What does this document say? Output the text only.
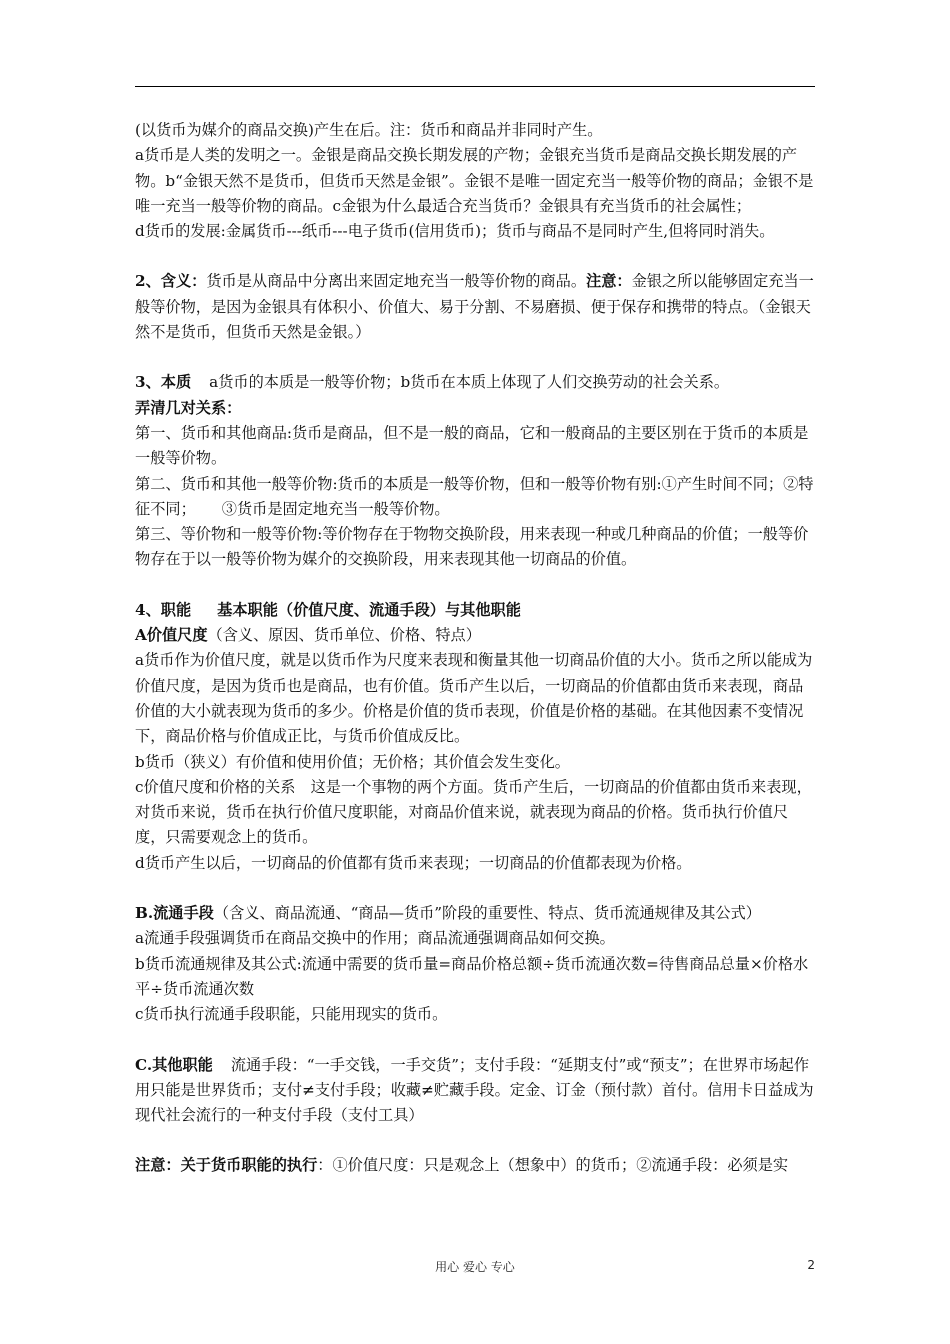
(以货币为媒介的商品交换)产生在后。注：货币和商品并非同时产生。

a货币是人类的发明之一。金银是商品交换长期发展的产物；金银充当货币是商品交换长期发展的产物。b“金银天然不是货币，但货币天然是金银”。金银不是唯一固定充当一般等价物的商品；金银不是唯一充当一般等价物的商品。c金银为什么最适合充当货币？金银具有充当货币的社会属性；

d货币的发展:金属货币---纸币---电子货币(信用货币)；货币与商品不是同时产生,但将同时消失。

2、含义：货币是从商品中分离出来固定地充当一般等价物的商品。注意：金银之所以能够固定充当一般等价物，是因为金银具有体积小、价值大、易于分割、不易磨损、便于保存和携带的特点。（金银天然不是货币，但货币天然是金银。）

3、本质 a货币的本质是一般等价物；b货币在本质上体现了人们交换劳动的社会关系。

弄清几对关系：

第一、货币和其他商品:货币是商品，但不是一般的商品，它和一般商品的主要区别在于货币的本质是一般等价物。

第二、货币和其他一般等价物:货币的本质是一般等价物，但和一般等价物有别:①产生时间不同；②特征不同； ③货币是固定地充当一般等价物。

第三、等价物和一般等价物:等价物存在于物物交换阶段，用来表现一种或几种商品的价值；一般等价物存在于以一般等价物为媒介的交换阶段，用来表现其他一切商品的价值。

4、职能 基本职能（价值尺度、流通手段）与其他职能

A价值尺度（含义、原因、货币单位、价格、特点）

a货币作为价值尺度，就是以货币作为尺度来表现和衡量其他一切商品价值的大小。货币之所以能成为价值尺度，是因为货币也是商品，也有价值。货币产生以后，一切商品的价值都由货币来表现，商品价值的大小就表现为货币的多少。价格是价值的货币表现，价值是价格的基础。在其他因素不变情况下，商品价格与价值成正比，与货币价值成反比。

b货币（狭义）有价值和使用价值；无价格；其价值会发生变化。

c价值尺度和价格的关系　这是一个事物的两个方面。货币产生后，一切商品的价值都由货币来表现，对货币来说，货币在执行价值尺度职能，对商品价值来说，就表现为商品的价格。货币执行价值尺度，只需要观念上的货币。

d货币产生以后，一切商品的价值都有货币来表现；一切商品的价值都表现为价格。

B.流通手段（含义、商品流通、“商品—货币”阶段的重要性、特点、货币流通规律及其公式）

a流通手段强调货币在商品交换中的作用；商品流通强调商品如何交换。

b货币流通规律及其公式:流通中需要的货币量=商品价格总额÷货币流通次数=待售商品总量×价格水平÷货币流通次数

c货币执行流通手段职能，只能用现实的货币。

C.其他职能 流通手段：“一手交钱，一手交货”；支付手段：“延期支付”或“预支”；在世界市场起作用只能是世界货币；支付≠支付手段；收藏≠贮藏手段。定金、订金（预付款）首付。信用卡日益成为现代社会流行的一种支付手段（支付工具）

注意：关于货币职能的执行：①价值尺度：只是观念上（想象中）的货币；②流通手段：必须是实

用心 爱心 专心	2
